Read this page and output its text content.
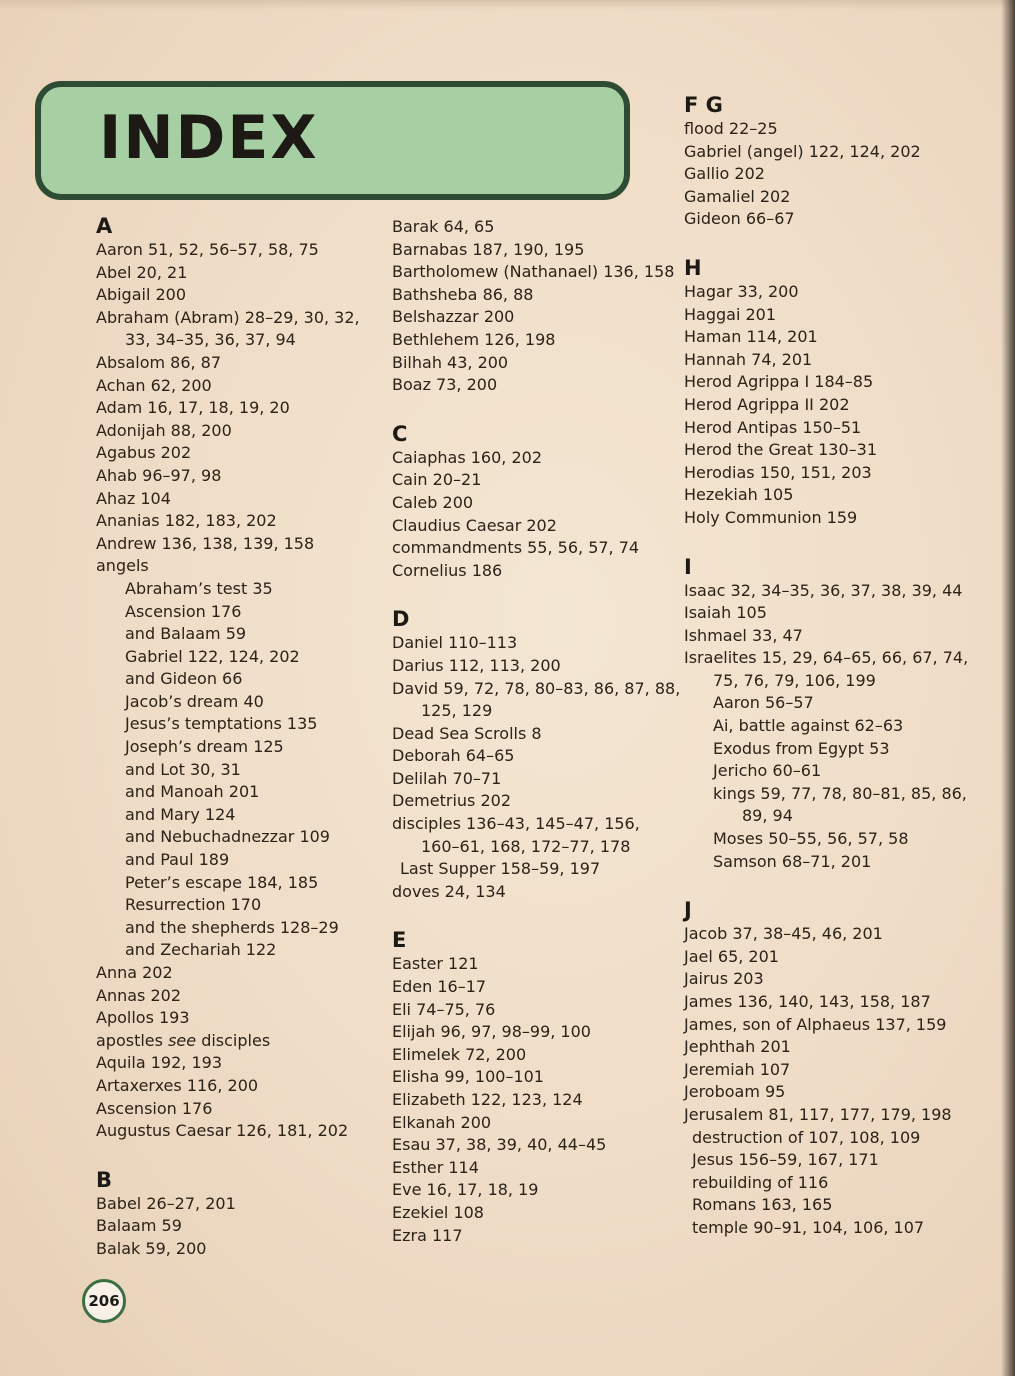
INDEX
A
Aaron 51, 52, 56–57, 58, 75
Abel 20, 21
Abigail 200
Abraham (Abram) 28–29, 30, 32,
33, 34–35, 36, 37, 94
Absalom 86, 87
Achan 62, 200
Adam 16, 17, 18, 19, 20
Adonijah 88, 200
Agabus 202
Ahab 96–97, 98
Ahaz 104
Ananias 182, 183, 202
Andrew 136, 138, 139, 158
angels
Abraham’s test 35
Ascension 176
and Balaam 59
Gabriel 122, 124, 202
and Gideon 66
Jacob’s dream 40
Jesus’s temptations 135
Joseph’s dream 125
and Lot 30, 31
and Manoah 201
and Mary 124
and Nebuchadnezzar 109
and Paul 189
Peter’s escape 184, 185
Resurrection 170
and the shepherds 128–29
and Zechariah 122
Anna 202
Annas 202
Apollos 193
apostles see disciples
Aquila 192, 193
Artaxerxes 116, 200
Ascension 176
Augustus Caesar 126, 181, 202
B
Babel 26–27, 201
Balaam 59
Balak 59, 200
Barak 64, 65
Barnabas 187, 190, 195
Bartholomew (Nathanael) 136, 158
Bathsheba 86, 88
Belshazzar 200
Bethlehem 126, 198
Bilhah 43, 200
Boaz 73, 200
C
Caiaphas 160, 202
Cain 20–21
Caleb 200
Claudius Caesar 202
commandments 55, 56, 57, 74
Cornelius 186
D
Daniel 110–113
Darius 112, 113, 200
David 59, 72, 78, 80–83, 86, 87, 88,
125, 129
Dead Sea Scrolls 8
Deborah 64–65
Delilah 70–71
Demetrius 202
disciples 136–43, 145–47, 156,
160–61, 168, 172–77, 178
Last Supper 158–59, 197
doves 24, 134
E
Easter 121
Eden 16–17
Eli 74–75, 76
Elijah 96, 97, 98–99, 100
Elimelek 72, 200
Elisha 99, 100–101
Elizabeth 122, 123, 124
Elkanah 200
Esau 37, 38, 39, 40, 44–45
Esther 114
Eve 16, 17, 18, 19
Ezekiel 108
Ezra 117
F G
flood 22–25
Gabriel (angel) 122, 124, 202
Gallio 202
Gamaliel 202
Gideon 66–67
H
Hagar 33, 200
Haggai 201
Haman 114, 201
Hannah 74, 201
Herod Agrippa I 184–85
Herod Agrippa II 202
Herod Antipas 150–51
Herod the Great 130–31
Herodias 150, 151, 203
Hezekiah 105
Holy Communion 159
I
Isaac 32, 34–35, 36, 37, 38, 39, 44
Isaiah 105
Ishmael 33, 47
Israelites 15, 29, 64–65, 66, 67, 74,
75, 76, 79, 106, 199
Aaron 56–57
Ai, battle against 62–63
Exodus from Egypt 53
Jericho 60–61
kings 59, 77, 78, 80–81, 85, 86,
89, 94
Moses 50–55, 56, 57, 58
Samson 68–71, 201
J
Jacob 37, 38–45, 46, 201
Jael 65, 201
Jairus 203
James 136, 140, 143, 158, 187
James, son of Alphaeus 137, 159
Jephthah 201
Jeremiah 107
Jeroboam 95
Jerusalem 81, 117, 177, 179, 198
destruction of 107, 108, 109
Jesus 156–59, 167, 171
rebuilding of 116
Romans 163, 165
temple 90–91, 104, 106, 107
206
